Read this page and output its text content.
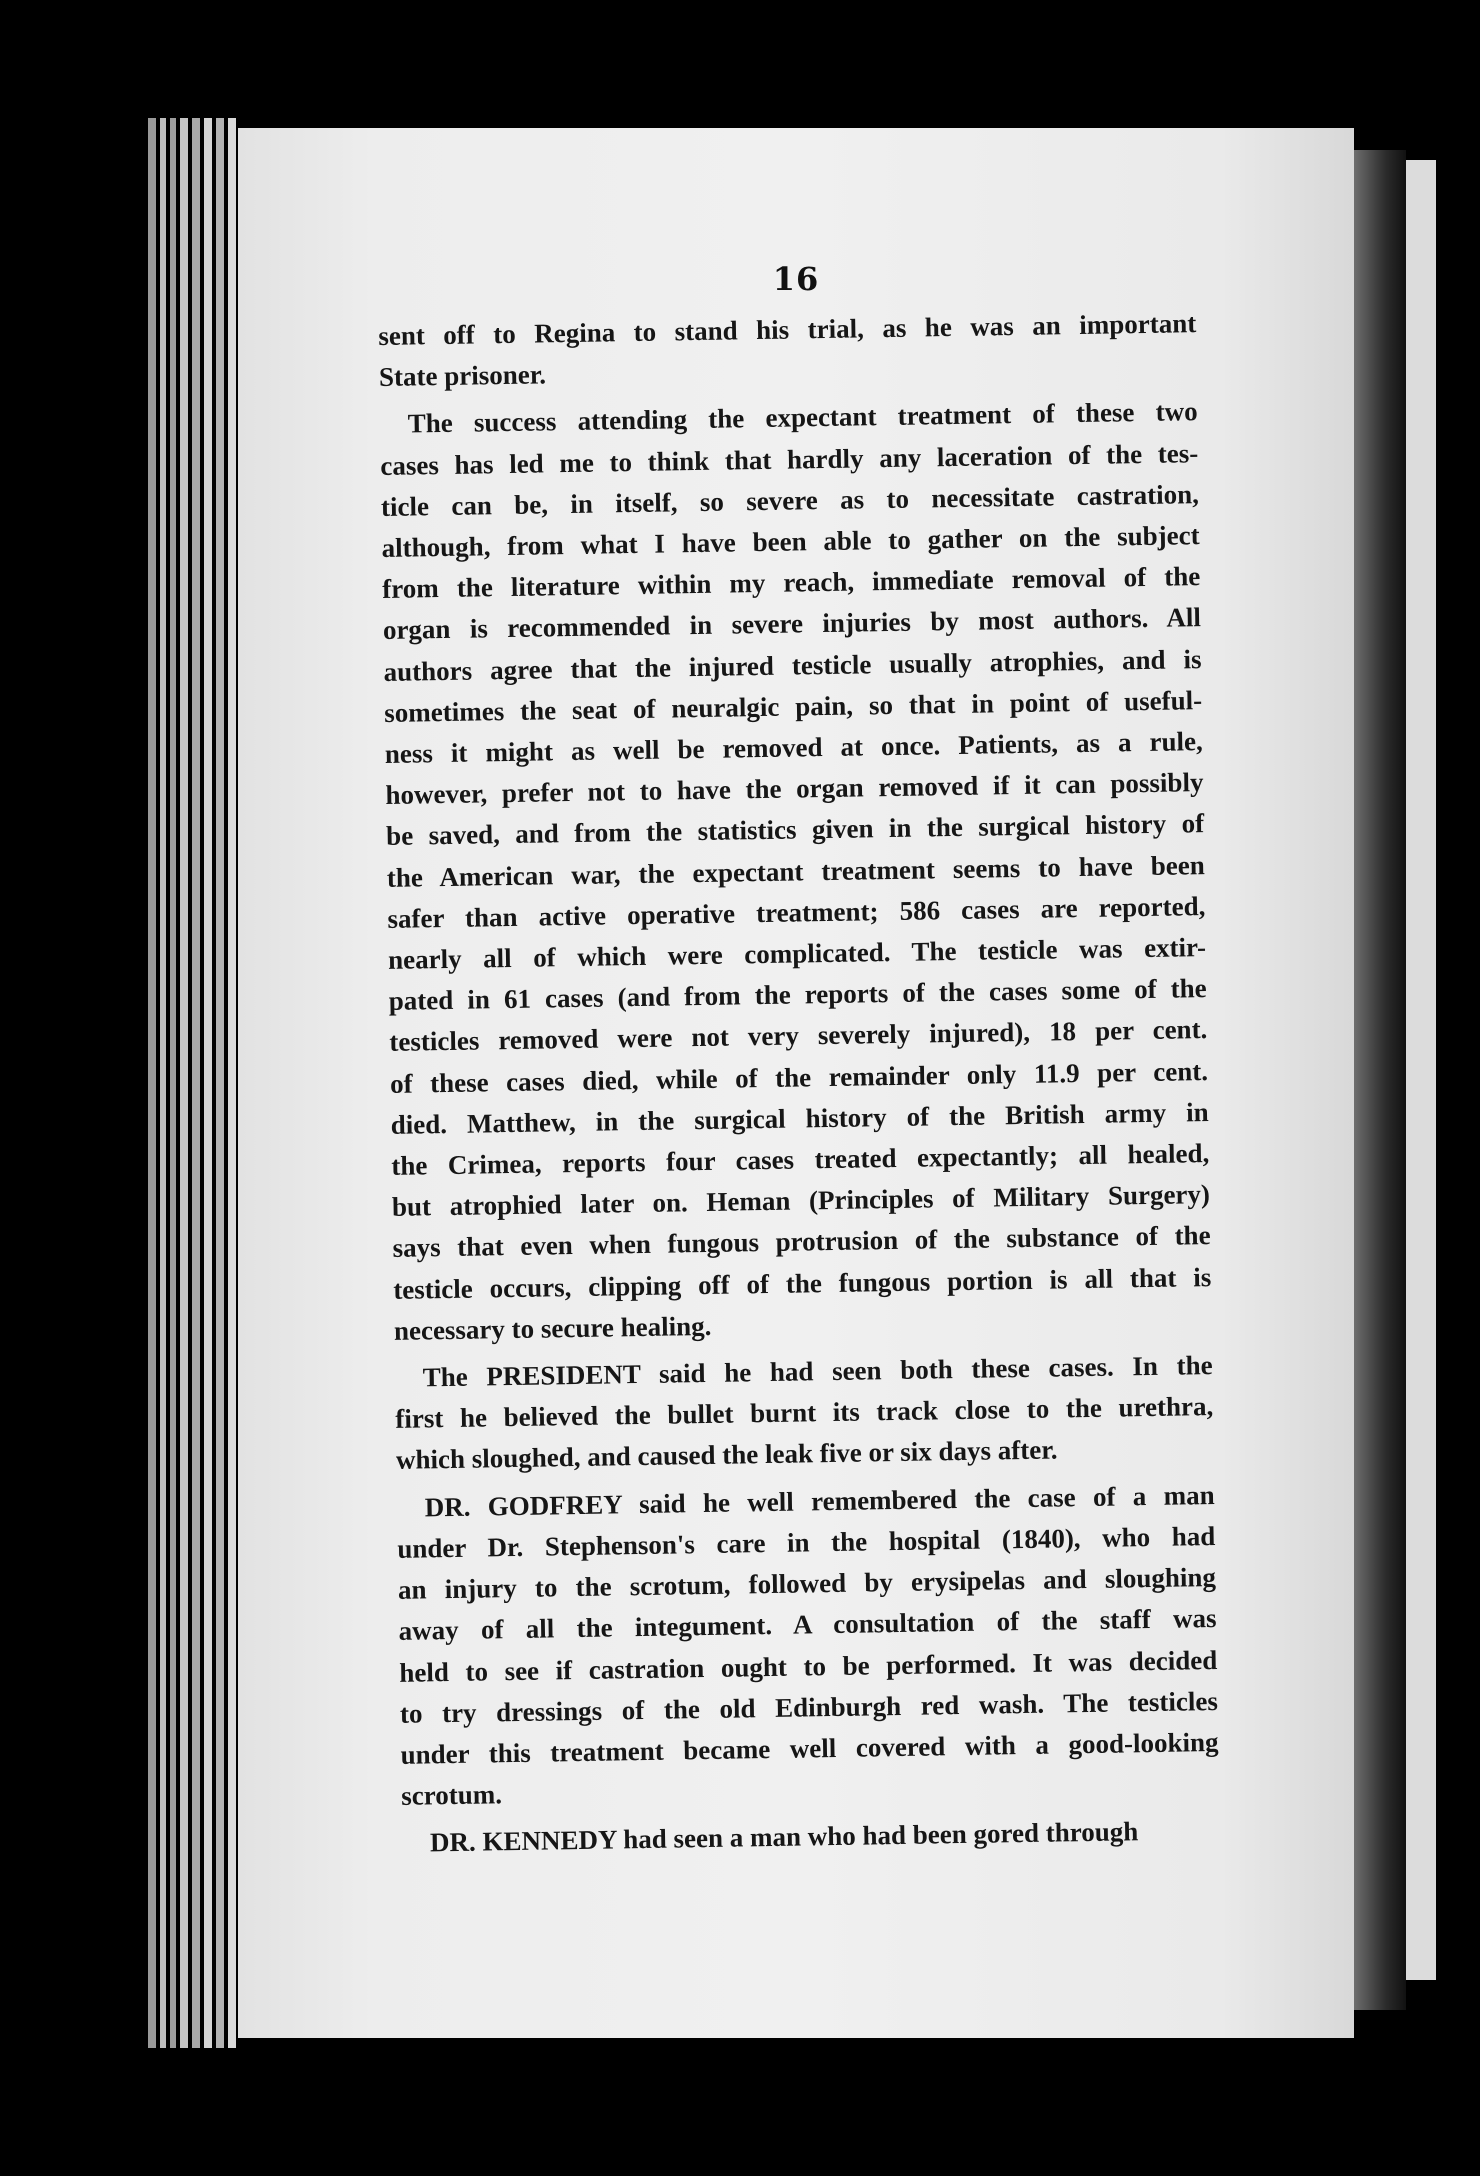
16
sent off to Regina to stand his trial, as he was an important
State prisoner.
The success attending the expectant treatment of these two
cases has led me to think that hardly any laceration of the tes-
ticle can be, in itself, so severe as to necessitate castration,
although, from what I have been able to gather on the subject
from the literature within my reach, immediate removal of the
organ is recommended in severe injuries by most authors. All
authors agree that the injured testicle usually atrophies, and is
sometimes the seat of neuralgic pain, so that in point of useful-
ness it might as well be removed at once. Patients, as a rule,
however, prefer not to have the organ removed if it can possibly
be saved, and from the statistics given in the surgical history of
the American war, the expectant treatment seems to have been
safer than active operative treatment; 586 cases are reported,
nearly all of which were complicated. The testicle was extir-
pated in 61 cases (and from the reports of the cases some of the
testicles removed were not very severely injured), 18 per cent.
of these cases died, while of the remainder only 11.9 per cent.
died. Matthew, in the surgical history of the British army in
the Crimea, reports four cases treated expectantly; all healed,
but atrophied later on. Heman (Principles of Military Surgery)
says that even when fungous protrusion of the substance of the
testicle occurs, clipping off of the fungous portion is all that is
necessary to secure healing.
The PRESIDENT said he had seen both these cases. In the
first he believed the bullet burnt its track close to the urethra,
which sloughed, and caused the leak five or six days after.
DR. GODFREY said he well remembered the case of a man
under Dr. Stephenson's care in the hospital (1840), who had
an injury to the scrotum, followed by erysipelas and sloughing
away of all the integument. A consultation of the staff was
held to see if castration ought to be performed. It was decided
to try dressings of the old Edinburgh red wash. The testicles
under this treatment became well covered with a good-looking
scrotum.
DR. KENNEDY had seen a man who had been gored through
